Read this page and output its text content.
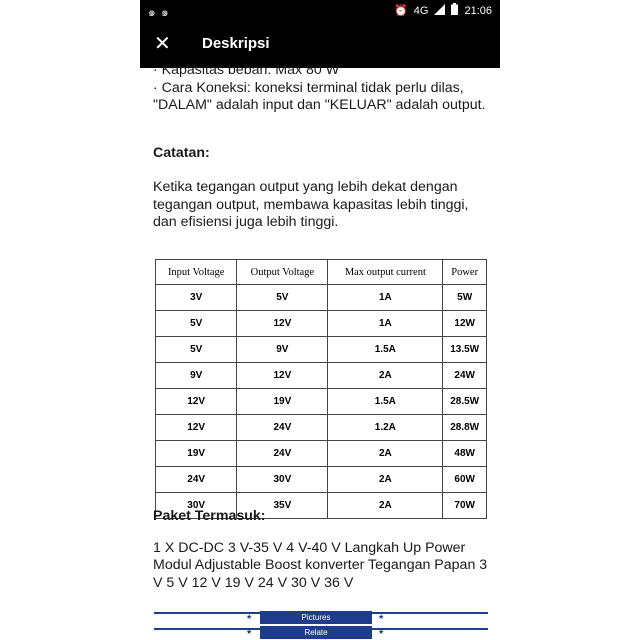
๑ ๑	⏰ 4G	21:06
✕ Deskripsi

· Kapasitas beban: Max 80 W

· Cara Koneksi: koneksi terminal tidak perlu dilas, "DALAM" adalah input dan "KELUAR" adalah output.

Catatan:

Ketika tegangan output yang lebih dekat dengan tegangan output, membawa kapasitas lebih tinggi, dan efisiensi juga lebih tinggi.

Input Voltage	Output Voltage	Max output current	Power
3V	5V	1A	5W
5V	12V	1A	12W
5V	9V	1.5A	13.5W
9V	12V	2A	24W
12V	19V	1.5A	28.5W
12V	24V	1.2A	28.8W
19V	24V	2A	48W
24V	30V	2A	60W
30V	35V	2A	70W

Paket Termasuk:

1 X DC-DC 3 V-35 V 4 V-40 V Langkah Up Power Modul Adjustable Boost konverter Tegangan Papan 3 V 5 V 12 V 19 V 24 V 30 V 36 V

Pictures
Relate
★	★
★	★
